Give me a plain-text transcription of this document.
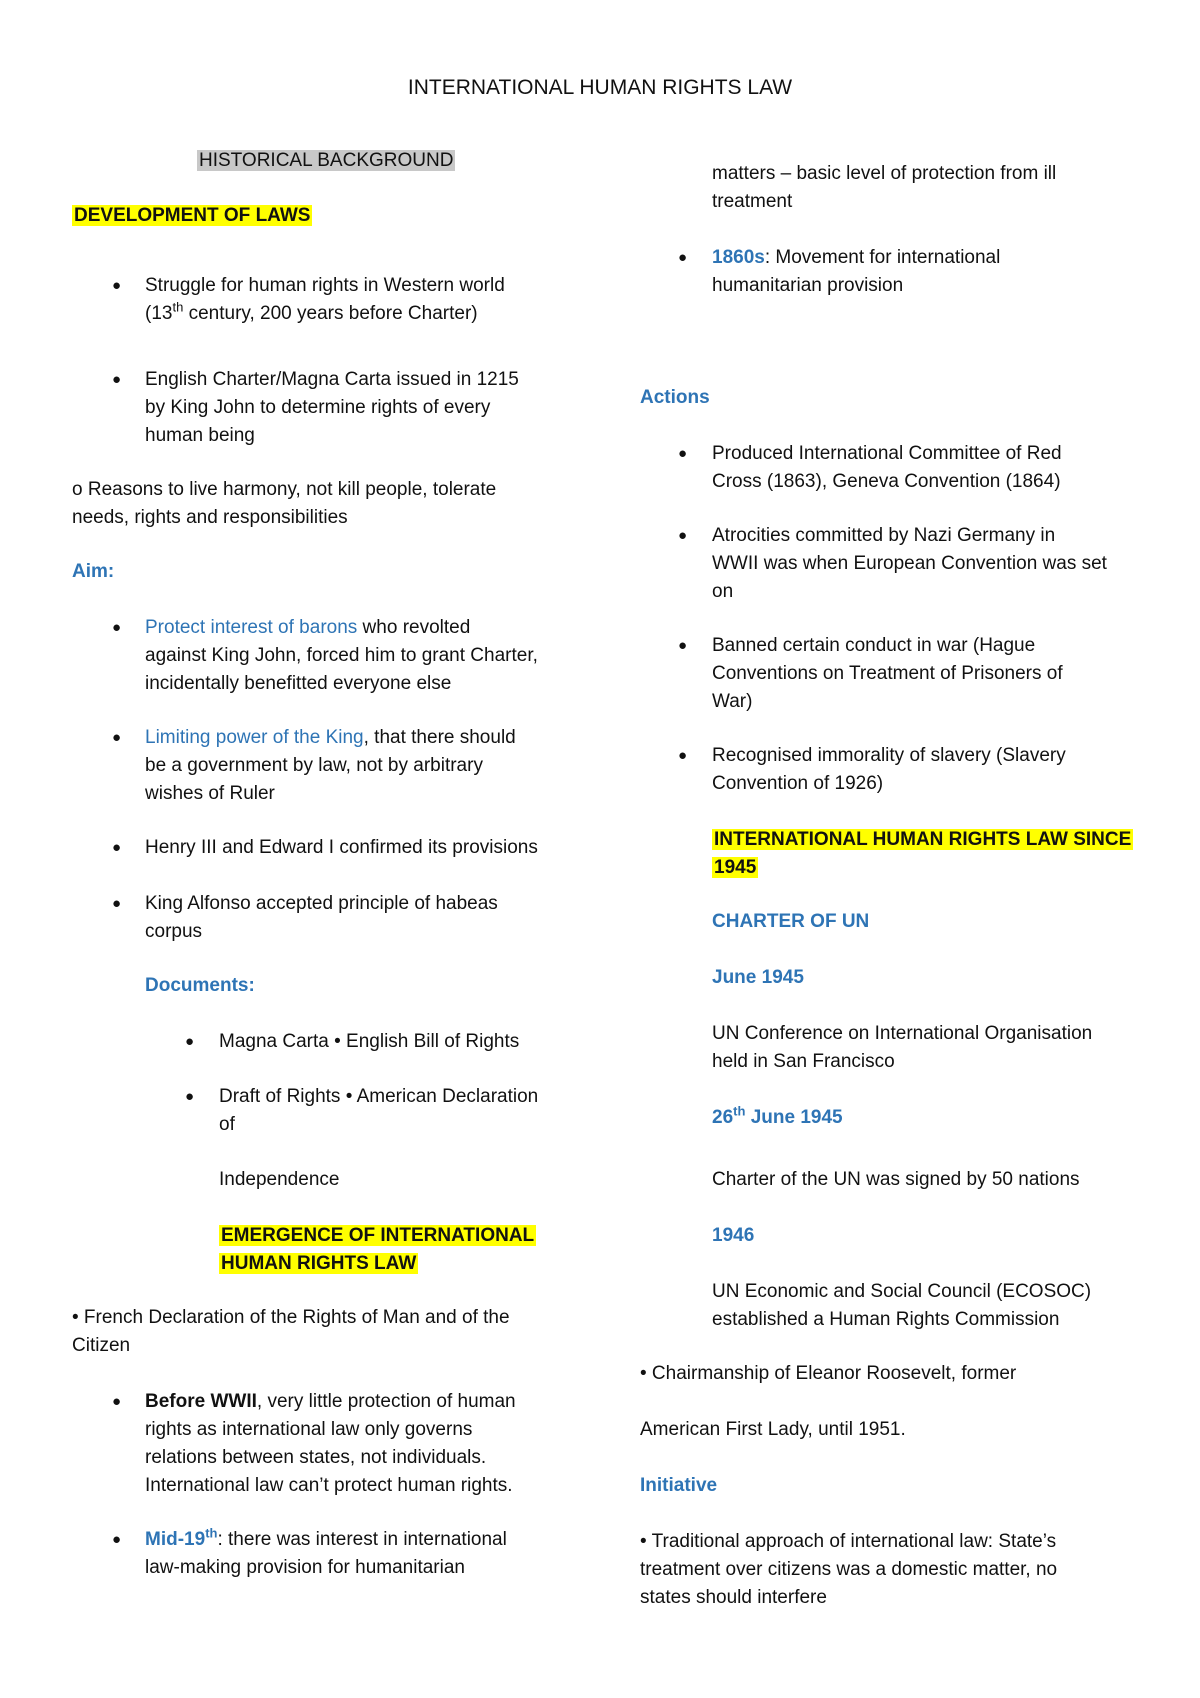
INTERNATIONAL HUMAN RIGHTS LAW
HISTORICAL BACKGROUND
DEVELOPMENT OF LAWS
● Struggle for human rights in Western world
(13th century, 200 years before Charter)
● English Charter/Magna Carta issued in 1215
by King John to determine rights of every
human being
o Reasons to live harmony, not kill people, tolerate
needs, rights and responsibilities
Aim:
● Protect interest of barons who revolted
against King John, forced him to grant Charter,
incidentally benefitted everyone else
● Limiting power of the King, that there should
be a government by law, not by arbitrary
wishes of Ruler
● Henry III and Edward I confirmed its provisions
● King Alfonso accepted principle of habeas
corpus
Documents:
● Magna Carta • English Bill of Rights
● Draft of Rights • American Declaration
of
Independence
EMERGENCE OF INTERNATIONAL
HUMAN RIGHTS LAW
• French Declaration of the Rights of Man and of the
Citizen
● Before WWII, very little protection of human
rights as international law only governs
relations between states, not individuals.
International law can’t protect human rights.
● Mid-19th: there was interest in international
law-making provision for humanitarian
matters – basic level of protection from ill
treatment
● 1860s: Movement for international
humanitarian provision
Actions
● Produced International Committee of Red
Cross (1863), Geneva Convention (1864)
● Atrocities committed by Nazi Germany in
WWII was when European Convention was set
on
● Banned certain conduct in war (Hague
Conventions on Treatment of Prisoners of
War)
● Recognised immorality of slavery (Slavery
Convention of 1926)
INTERNATIONAL HUMAN RIGHTS LAW SINCE
1945
CHARTER OF UN
June 1945
UN Conference on International Organisation
held in San Francisco
26th June 1945
Charter of the UN was signed by 50 nations
1946
UN Economic and Social Council (ECOSOC)
established a Human Rights Commission
• Chairmanship of Eleanor Roosevelt, former
American First Lady, until 1951.
Initiative
• Traditional approach of international law: State’s
treatment over citizens was a domestic matter, no
states should interfere
